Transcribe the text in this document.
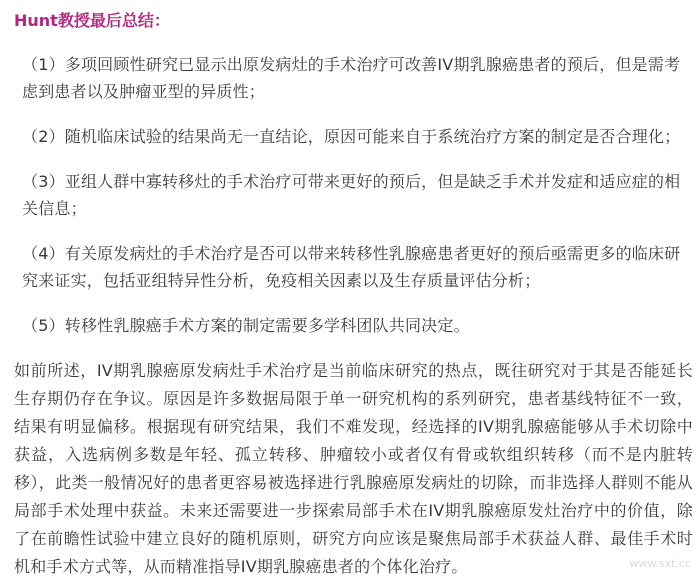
Hunt教授最后总结：

（1）多项回顾性研究已显示出原发病灶的手术治疗可改善IV期乳腺癌患者的预后，但是需考虑到患者以及肿瘤亚型的异质性；

（2）随机临床试验的结果尚无一直结论，原因可能来自于系统治疗方案的制定是否合理化；

（3）亚组人群中寡转移灶的手术治疗可带来更好的预后，但是缺乏手术并发症和适应症的相关信息；

（4）有关原发病灶的手术治疗是否可以带来转移性乳腺癌患者更好的预后亟需更多的临床研究来证实，包括亚组特异性分析，免疫相关因素以及生存质量评估分析；

（5）转移性乳腺癌手术方案的制定需要多学科团队共同决定。

如前所述，IV期乳腺癌原发病灶手术治疗是当前临床研究的热点，既往研究对于其是否能延长生存期仍存在争议。原因是许多数据局限于单一研究机构的系列研究，患者基线特征不一致，结果有明显偏移。根据现有研究结果，我们不难发现，经选择的IV期乳腺癌能够从手术切除中获益，入选病例多数是年轻、孤立转移、肿瘤较小或者仅有骨或软组织转移（而不是内脏转移），此类一般情况好的患者更容易被选择进行乳腺癌原发病灶的切除，而非选择人群则不能从局部手术处理中获益。未来还需要进一步探索局部手术在IV期乳腺癌原发灶治疗中的价值，除了在前瞻性试验中建立良好的随机原则，研究方向应该是聚焦局部手术获益人群、最佳手术时机和手术方式等，从而精准指导IV期乳腺癌患者的个体化治疗。	www.sxt.cc
